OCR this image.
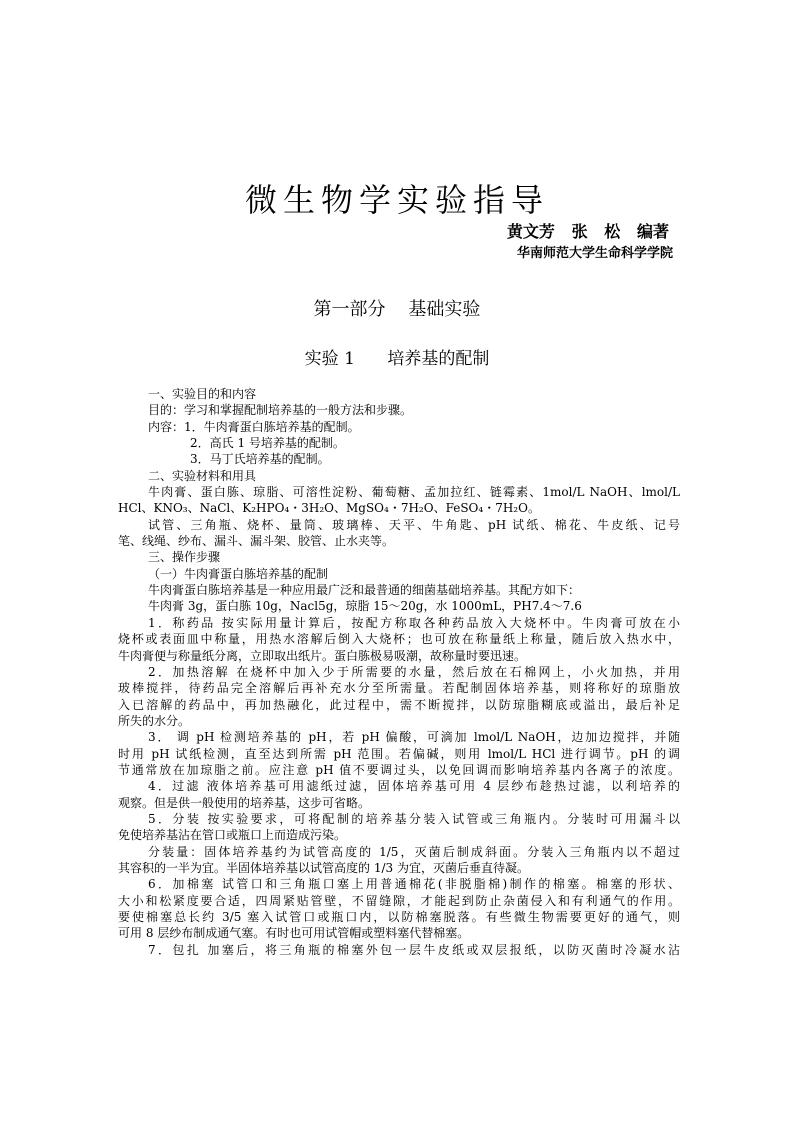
微生物学实验指导
黄文芳   张   松   编著
华南师范大学生命科学学院
第一部分    基础实验
实验 1      培养基的配制
一、实验目的和内容
目的：学习和掌握配制培养基的一般方法和步骤。
内容：1．牛肉膏蛋白胨培养基的配制。
2．高氏 1 号培养基的配制。
3．马丁氏培养基的配制。
二、实验材料和用具
牛肉膏、蛋白胨、琼脂、可溶性淀粉、葡萄糖、孟加拉红、链霉素、1mol/L NaOH、lmol/L
HCl、KNO₃、NaCl、K₂HPO₄・3H₂O、MgSO₄・7H₂O、FeSO₄・7H₂O。
试管、三角瓶、烧杯、量筒、玻璃棒、天平、牛角匙、pH 试纸、棉花、牛皮纸、记号
笔、线绳、纱布、漏斗、漏斗架、胶管、止水夹等。
三、操作步骤
（一）牛肉膏蛋白胨培养基的配制
牛肉膏蛋白胨培养基是一种应用最广泛和最普通的细菌基础培养基。其配方如下：
牛肉膏 3g，蛋白胨 10g，Nacl5g，琼脂 15～20g，水 1000mL，PH7.4～7.6
1．称药品 按实际用量计算后，按配方称取各种药品放入大烧杯中。牛肉膏可放在小
烧杯或表面皿中称量，用热水溶解后倒入大烧杯；也可放在称量纸上称量，随后放入热水中，
牛肉膏便与称量纸分离，立即取出纸片。蛋白胨极易吸潮，故称量时要迅速。
2．加热溶解 在烧杯中加入少于所需要的水量，然后放在石棉网上，小火加热，并用
玻棒搅拌，待药品完全溶解后再补充水分至所需量。若配制固体培养基，则将称好的琼脂放
入已溶解的药品中，再加热融化，此过程中，需不断搅拌，以防琼脂糊底或溢出，最后补足
所失的水分。
3． 调 pH 检测培养基的 pH，若 pH 偏酸，可滴加 lmol/L NaOH，边加边搅拌，并随
时用 pH 试纸检测，直至达到所需 pH 范围。若偏碱，则用 lmol/L HCl 进行调节。pH 的调
节通常放在加琼脂之前。应注意 pH 值不要调过头，以免回调而影响培养基内各离子的浓度。
4．过滤 液体培养基可用滤纸过滤，固体培养基可用 4 层纱布趁热过滤，以利培养的
观察。但是供一般使用的培养基，这步可省略。
5．分装 按实验要求，可将配制的培养基分装入试管或三角瓶内。分装时可用漏斗以
免使培养基沾在管口或瓶口上而造成污染。
分装量：固体培养基约为试管高度的 1/5，灭菌后制成斜面。分装入三角瓶内以不超过
其容积的一半为宜。半固体培养基以试管高度的 1/3 为宜，灭菌后垂直待凝。
6．加棉塞 试管口和三角瓶口塞上用普通棉花(非脱脂棉)制作的棉塞。棉塞的形状、
大小和松紧度要合适，四周紧贴管壁，不留缝隙，才能起到防止杂菌侵入和有利通气的作用。
要使棉塞总长约 3/5 塞入试管口或瓶口内，以防棉塞脱落。有些微生物需要更好的通气，则
可用 8 层纱布制成通气塞。有时也可用试管帽或塑料塞代替棉塞。
7．包扎 加塞后，将三角瓶的棉塞外包一层牛皮纸或双层报纸，以防灭菌时冷凝水沾
